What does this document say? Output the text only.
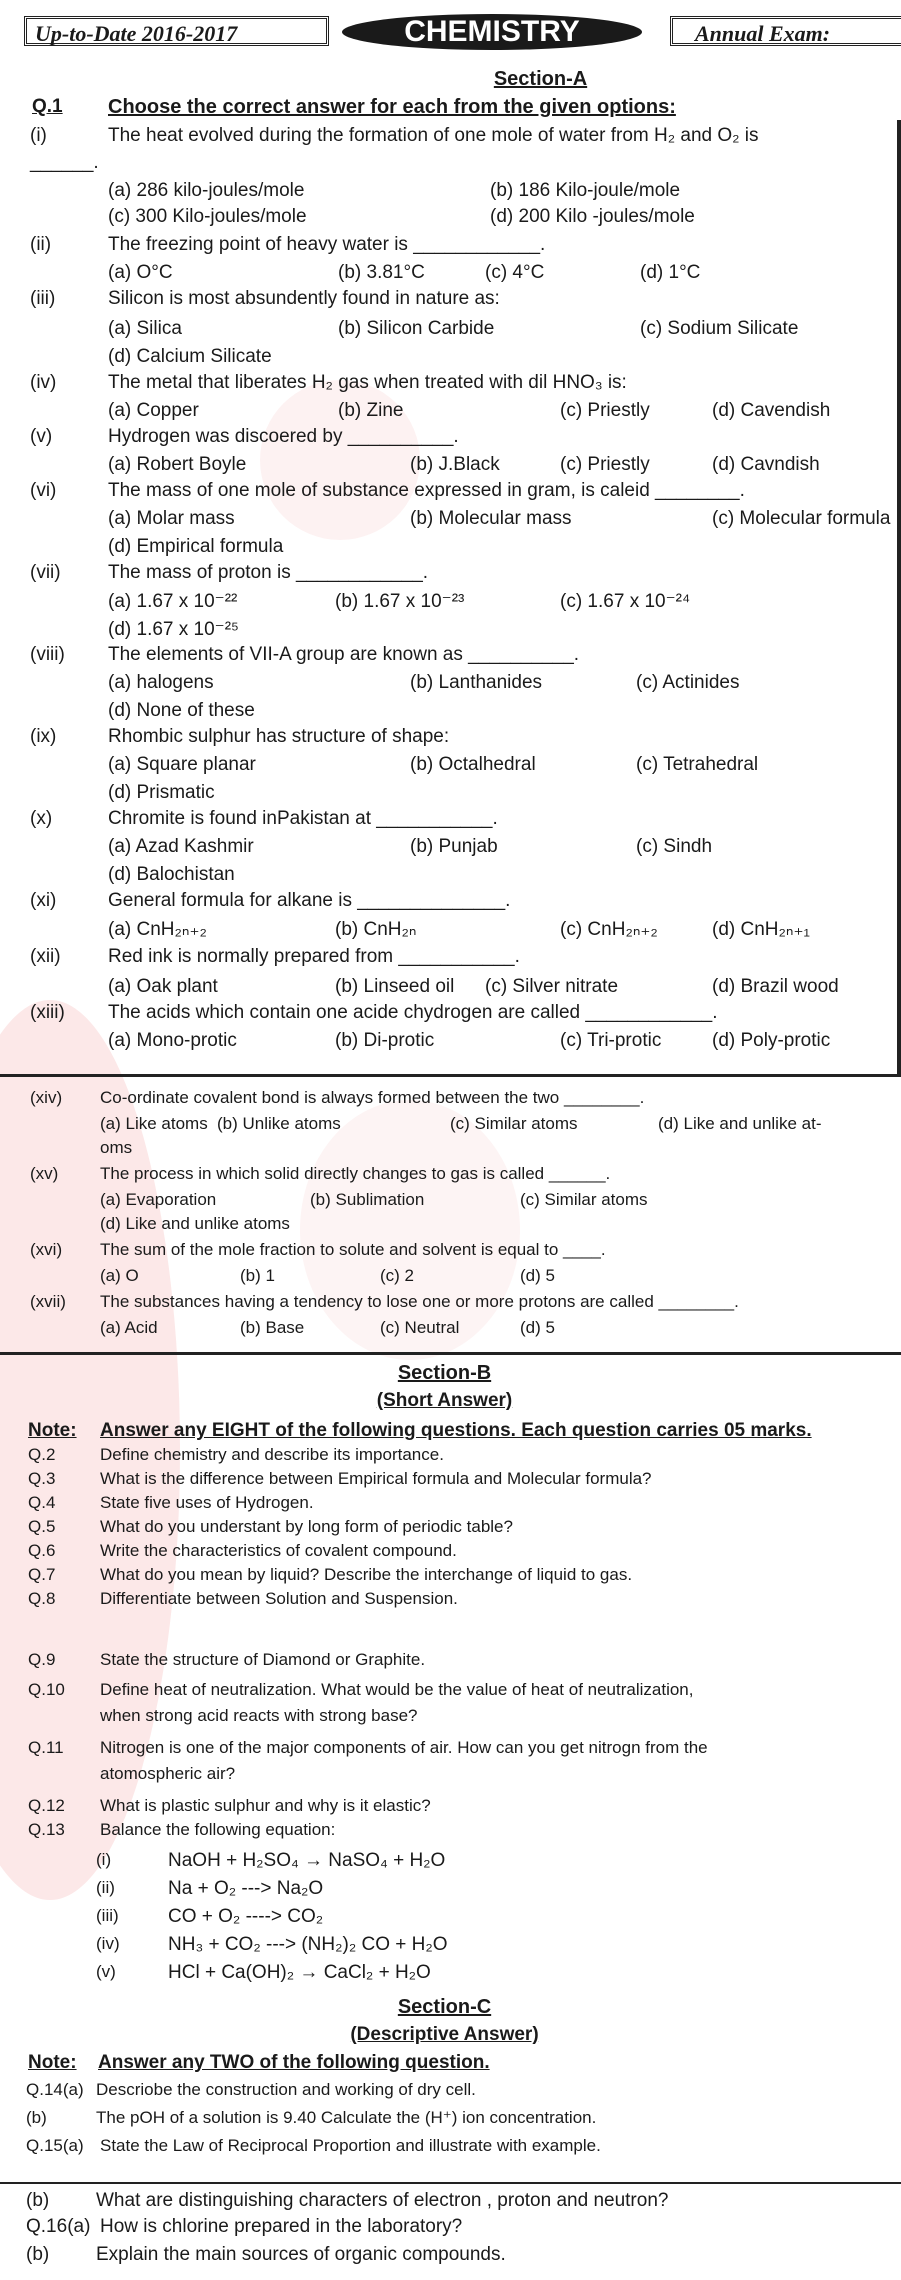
Up-to-Date 2016-2017	CHEMISTRY	Annual Exam:
Section-A
Q.1 Choose the correct answer for each from the given options:
(i)	The heat evolved during the formation of one mole of water from H₂ and O₂ is
______.
(a) 286 kilo-joules/mole	(b) 186 Kilo-joule/mole
(c) 300 Kilo-joules/mole	(d) 200 Kilo -joules/mole
(ii)	The freezing point of heavy water is ____________.
(a) O°C	(b) 3.81°C	(c) 4°C	(d) 1°C
(iii)	Silicon is most absundently found in nature as:
(a) Silica	(b) Silicon Carbide	(c) Sodium Silicate
(d) Calcium Silicate
(iv)	The metal that liberates H₂ gas when treated with dil HNO₃ is:
(a) Copper	(b) Zine	(c) Priestly	(d) Cavendish
(v)	Hydrogen was discoered by __________.
(a) Robert Boyle	(b) J.Black	(c) Priestly	(d) Cavndish
(vi)	The mass of one mole of substance expressed in gram, is caleid ________.
(a) Molar mass	(b) Molecular mass	(c) Molecular formula
(d) Empirical formula
(vii) The mass of proton is ____________.
(a) 1.67 x 10⁻²²	(b) 1.67 x 10⁻²³	(c) 1.67 x 10⁻²⁴
(d) 1.67 x 10⁻²⁵
(viii) The elements of VII-A group are known as __________.
(a) halogens	(b) Lanthanides	(c) Actinides
(d) None of these
(ix)	Rhombic sulphur has structure of shape:
(a) Square planar	(b) Octalhedral	(c) Tetrahedral
(d) Prismatic
(x)	Chromite is found inPakistan at ___________.
(a) Azad Kashmir	(b) Punjab	(c) Sindh
(d) Balochistan
(xi)	General formula for alkane is ______________.
(a) CnH₂ₙ₊₂	(b) CnH₂ₙ	(c) CnH₂ₙ₊₂	(d) CnH₂ₙ₊₁
(xii) Red ink is normally prepared from ___________.
(a) Oak plant	(b) Linseed oil (c) Silver nitrate	(d) Brazil wood
(xiii) The acids which contain one acide chydrogen are called ____________.
(a) Mono-protic	(b) Di-protic	(c) Tri-protic	(d) Poly-protic
(xiv) Co-ordinate covalent bond is always formed between the two ________.
(a) Like atoms (b) Unlike atoms	(c) Similar atoms	(d) Like and unlike at-
oms
(xv) The process in which solid directly changes to gas is called ______.
(a) Evaporation	(b) Sublimation	(c) Similar atoms
(d) Like and unlike atoms
(xvi) The sum of the mole fraction to solute and solvent is equal to ____.
(a) O	(b) 1	(c) 2	(d) 5
(xvii) The substances having a tendency to lose one or more protons are called ________.
(a) Acid	(b) Base	(c) Neutral	(d) 5
Section-B
(Short Answer)
Note: Answer any EIGHT of the following questions. Each question carries 05 marks.
Q.2	Define chemistry and describe its importance.
Q.3	What is the difference between Empirical formula and Molecular formula?
Q.4	State five uses of Hydrogen.
Q.5	What do you understant by long form of periodic table?
Q.6	Write the characteristics of covalent compound.
Q.7	What do you mean by liquid? Describe the interchange of liquid to gas.
Q.8	Differentiate between Solution and Suspension.
Q.9	State the structure of Diamond or Graphite.
Q.10 Define heat of neutralization. What would be the value of heat of neutralization,
when strong acid reacts with strong base?
Q.11 Nitrogen is one of the major components of air. How can you get nitrogn from the
atomospheric air?
Q.12 What is plastic sulphur and why is it elastic?
Q.13 Balance the following equation:
(i)	NaOH + H₂SO₄ → NaSO₄ + H₂O
(ii)	Na + O₂ ---> Na₂O
(iii)	CO + O₂ ----> CO₂
(iv)	NH₃ + CO₂ ---> (NH₂)₂ CO + H₂O
(v)	HCl + Ca(OH)₂ → CaCl₂ + H₂O
Section-C
(Descriptive Answer)
Note: Answer any TWO of the following question.
Q.14(a) Descriobe the construction and working of dry cell.
(b)	The pOH of a solution is 9.40 Calculate the (H⁺) ion concentration.
Q.15(a) State the Law of Reciprocal Proportion and illustrate with example.
(b) What are distinguishing characters of electron , proton and neutron?
Q.16(a) How is chlorine prepared in the laboratory?
(b) Explain the main sources of organic compounds.
